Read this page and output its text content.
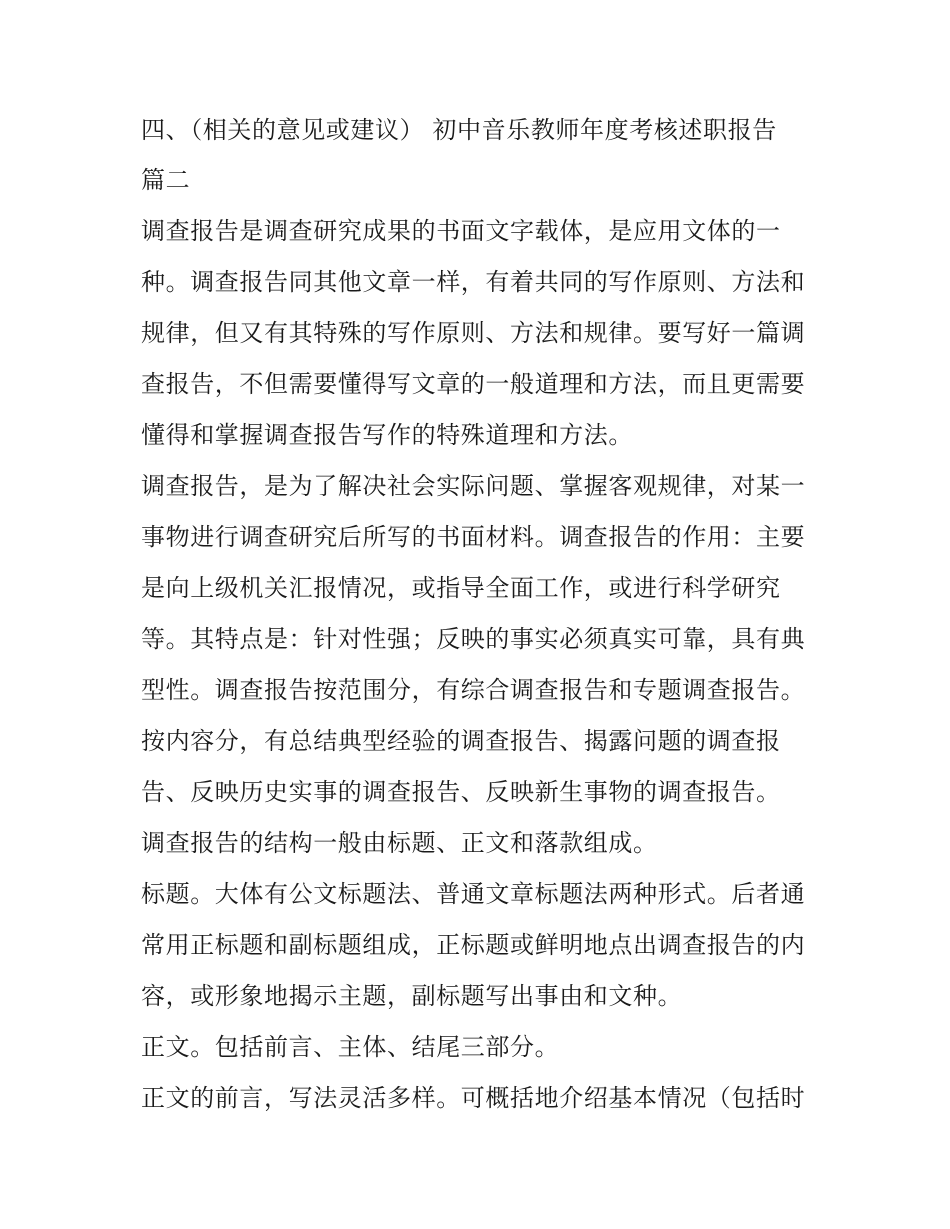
四、（相关的意见或建议） 初中音乐教师年度考核述职报告
篇二
调查报告是调查研究成果的书面文字载体，是应用文体的一
种。调查报告同其他文章一样，有着共同的写作原则、方法和
规律，但又有其特殊的写作原则、方法和规律。要写好一篇调
查报告，不但需要懂得写文章的一般道理和方法，而且更需要
懂得和掌握调查报告写作的特殊道理和方法。
调查报告，是为了解决社会实际问题、掌握客观规律，对某一
事物进行调查研究后所写的书面材料。调查报告的作用：主要
是向上级机关汇报情况，或指导全面工作，或进行科学研究
等。其特点是：针对性强；反映的事实必须真实可靠，具有典
型性。调查报告按范围分，有综合调查报告和专题调查报告。
按内容分，有总结典型经验的调查报告、揭露问题的调查报
告、反映历史实事的调查报告、反映新生事物的调查报告。
调查报告的结构一般由标题、正文和落款组成。
标题。大体有公文标题法、普通文章标题法两种形式。后者通
常用正标题和副标题组成，正标题或鲜明地点出调查报告的内
容，或形象地揭示主题，副标题写出事由和文种。
正文。包括前言、主体、结尾三部分。
正文的前言，写法灵活多样。可概括地介绍基本情况（包括时
